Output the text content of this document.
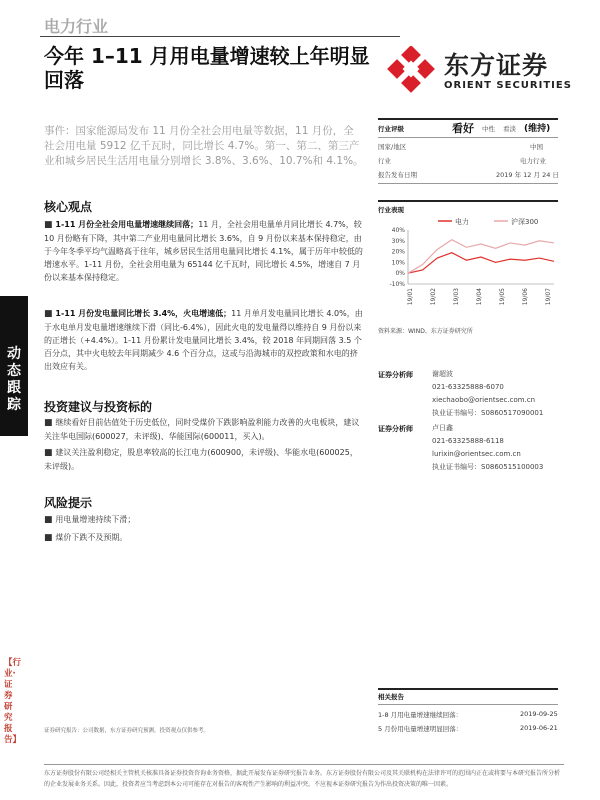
电力行业
今年 1–11 月用电量增速较上年明显回落	东方证券
ORIENT SECURITIES
事件：国家能源局发布 11 月份全社会用电量等数据，11 月份，全社会用电量 5912 亿千瓦时，同比增长 4.7%。第一、第二、第三产业和城乡居民生活用电量分别增长 3.8%、3.6%、10.7%和 4.1%。
核心观点
■ 1-11 月份全社会用电量增速继续回落；11 月，全社会用电量单月同比增长 4.7%，较 10 月份略有下降，其中第二产业用电量同比增长 3.6%，自 9 月份以来基本保持稳定，由于今年冬季平均气温略高于往年，城乡居民生活用电量同比增长 4.1%，属于历年中较低的增速水平。1-11 月份，全社会用电量为 65144 亿千瓦时，同比增长 4.5%，增速自 7 月份以来基本保持稳定。
■ 1-11 月份发电量同比增长 3.4%，火电增速低；11 月单月发电量同比增长 4.0%，由于水电单月发电量增速继续下滑（同比-6.4%），因此火电的发电量得以维持自 9 月份以来的正增长（+4.4%）。1-11 月份累计发电量同比增长 3.4%，较 2018 年同期回落 3.5 个百分点，其中火电较去年同期减少 4.6 个百分点，这或与沿海城市的双控政策和水电的挤出效应有关。
投资建议与投资标的
■ 继续看好目前估值处于历史低位，同时受煤价下跌影响盈利能力改善的火电板块，建议关注华电国际(600027，未评级)、华能国际(600011，买入)。
■ 建议关注盈利稳定，股息率较高的长江电力(600900，未评级)、华能水电(600025，未评级)。
风险提示
■ 用电量增速持续下滑；
■ 煤价下跌不及预期。
动
态
跟
踪
【行业·证券研究报告】
行业评级	看好 中性 看淡 (维持)
国家/地区	中国
行业	电力行业
报告发布日期	2019 年 12 月 24 日
行业表现
电力	沪深300
40%
30%
20%
10%
0%
-10%
19/01	19/02	19/03	19/04	19/05	19/06	19/07
资料来源：WIND、东方证券研究所
证券分析师	谢超波
021-63325888-6070
xiechaobo@orientsec.com.cn
执业证书编号：S0860517090001
证券分析师	卢日鑫
021-63325888-6118
lurixin@orientsec.com.cn
执业证书编号：S0860515100003
相关报告
1-8 月用电量增速继续回落：	2019-09-25
5 月份用电量增速明显回落：	2019-06-21
证券研究报告：公司数据，东方证券研究预测。投资观点仅供参考。
东方证券股份有限公司经相关主管机关核准具备证券投资咨询业务资格，据此开展发布证券研究报告业务。东方证券股份有限公司及其关联机构在法律许可的范围内正在或将要与本研究报告所分析的企业发展业务关系。因此，投资者应当考虑到本公司可能存在对报告的客观性产生影响的利益冲突，不应视本证券研究报告为作出投资决策的唯一因素。
